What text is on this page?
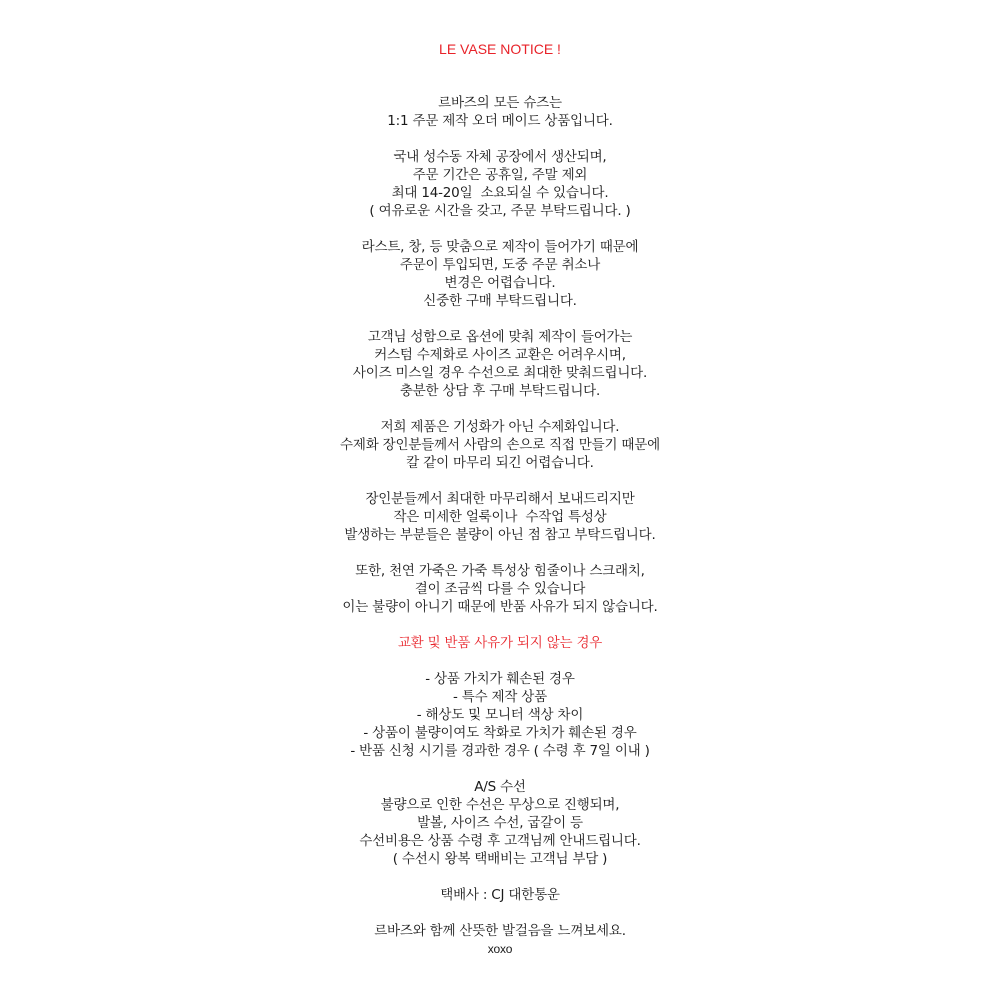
LE VASE NOTICE !
르바즈의 모든 슈즈는
1:1 주문 제작 오더 메이드 상품입니다.
국내 성수동 자체 공장에서 생산되며,
주문 기간은 공휴일, 주말 제외
최대 14-20일  소요되실 수 있습니다.
( 여유로운 시간을 갖고, 주문 부탁드립니다. )
라스트, 창, 등 맞춤으로 제작이 들어가기 때문에
주문이 투입되면, 도중 주문 취소나
변경은 어렵습니다.
신중한 구매 부탁드립니다.
고객님 성함으로 옵션에 맞춰 제작이 들어가는
커스텀 수제화로 사이즈 교환은 어려우시며,
사이즈 미스일 경우 수선으로 최대한 맞춰드립니다.
충분한 상담 후 구매 부탁드립니다.
저희 제품은 기성화가 아닌 수제화입니다.
수제화 장인분들께서 사람의 손으로 직접 만들기 때문에
칼 같이 마무리 되긴 어렵습니다.
장인분들께서 최대한 마무리해서 보내드리지만
작은 미세한 얼룩이나  수작업 특성상
발생하는 부분들은 불량이 아닌 점 참고 부탁드립니다.
또한, 천연 가죽은 가죽 특성상 힘줄이나 스크래치,
결이 조금씩 다를 수 있습니다
이는 불량이 아니기 때문에 반품 사유가 되지 않습니다.
교환 및 반품 사유가 되지 않는 경우
- 상품 가치가 훼손된 경우
- 특수 제작 상품
- 해상도 및 모니터 색상 차이
- 상품이 불량이여도 착화로 가치가 훼손된 경우
- 반품 신청 시기를 경과한 경우 ( 수령 후 7일 이내 )
A/S 수선
불량으로 인한 수선은 무상으로 진행되며,
발볼, 사이즈 수선, 굽갈이 등
수선비용은 상품 수령 후 고객님께 안내드립니다.
( 수선시 왕복 택배비는 고객님 부담 )
택배사 : CJ 대한통운
르바즈와 함께 산뜻한 발걸음을 느껴보세요.
xoxo
